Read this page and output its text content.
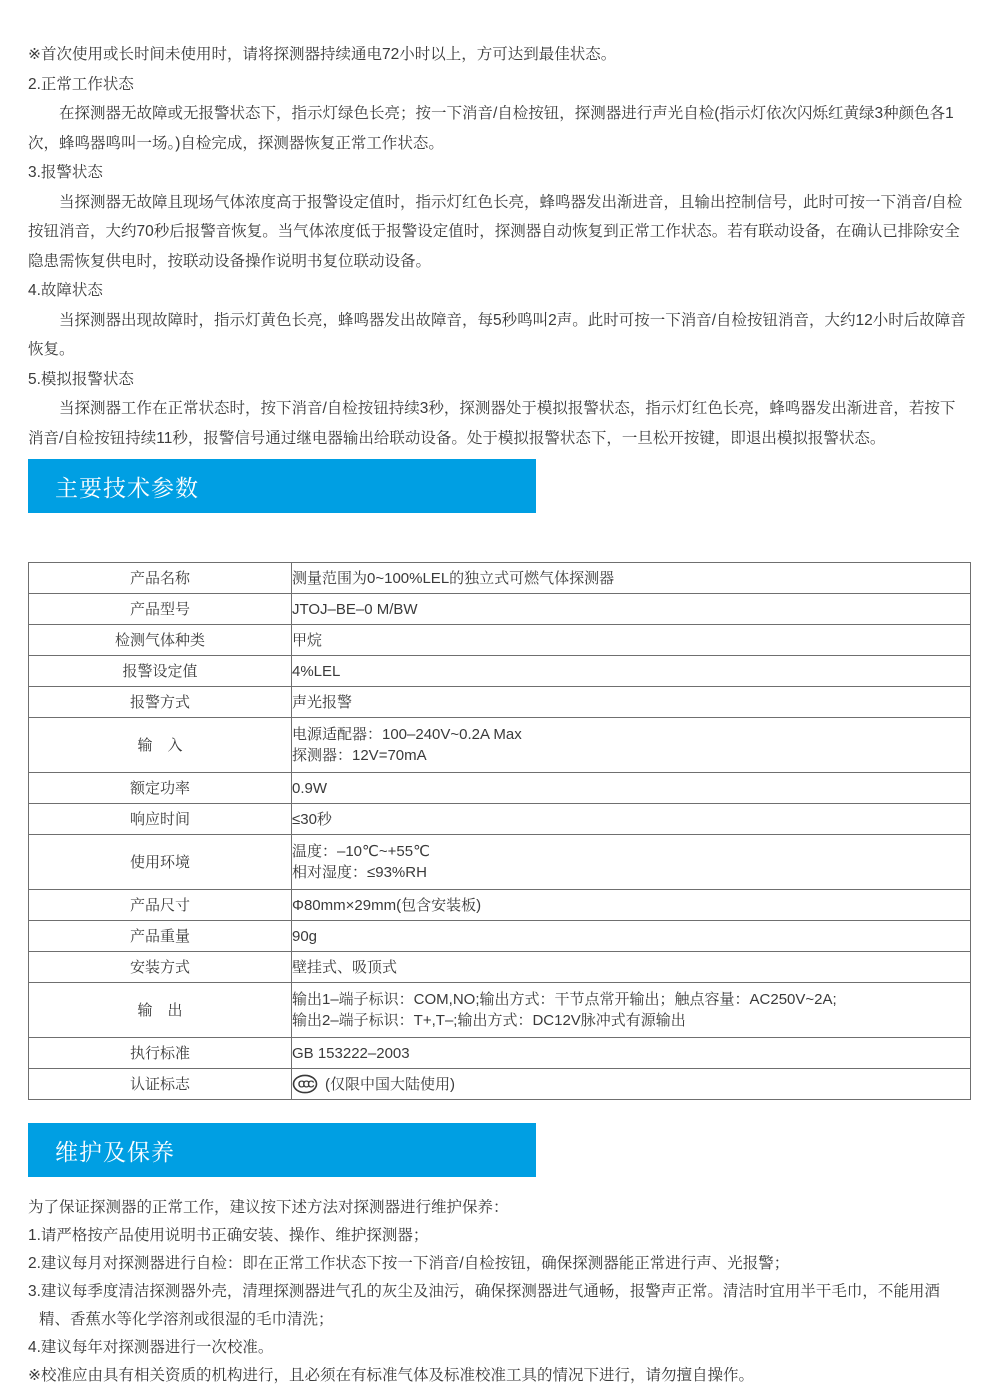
※首次使用或长时间未使用时，请将探测器持续通电72小时以上，方可达到最佳状态。

2.正常工作状态

在探测器无故障或无报警状态下，指示灯绿色长亮；按一下消音/自检按钮，探测器进行声光自检(指示灯依次闪烁红黄绿3种颜色各1次，蜂鸣器鸣叫一场。)自检完成，探测器恢复正常工作状态。

3.报警状态

当探测器无故障且现场气体浓度高于报警设定值时，指示灯红色长亮，蜂鸣器发出渐进音，且输出控制信号，此时可按一下消音/自检按钮消音，大约70秒后报警音恢复。当气体浓度低于报警设定值时，探测器自动恢复到正常工作状态。若有联动设备，在确认已排除安全隐患需恢复供电时，按联动设备操作说明书复位联动设备。

4.故障状态

当探测器出现故障时，指示灯黄色长亮，蜂鸣器发出故障音，每5秒鸣叫2声。此时可按一下消音/自检按钮消音，大约12小时后故障音恢复。

5.模拟报警状态

当探测器工作在正常状态时，按下消音/自检按钮持续3秒，探测器处于模拟报警状态，指示灯红色长亮，蜂鸣器发出渐进音，若按下消音/自检按钮持续11秒，报警信号通过继电器输出给联动设备。处于模拟报警状态下，一旦松开按键，即退出模拟报警状态。

主要技术参数
产品名称	测量范围为0~100%LEL的独立式可燃气体探测器

产品型号	JTOJ–BE–0 M/BW

检测气体种类	甲烷

报警设定值	4%LEL

报警方式	声光报警

输　入	电源适配器：100–240V~0.2A Max
探测器：12V=70mA

额定功率	0.9W

响应时间	≤30秒

使用环境	温度：–10℃~+55℃
相对湿度：≤93%RH

产品尺寸	Φ80mm×29mm(包含安装板)

产品重量	90g

安装方式	壁挂式、吸顶式

输　出	输出1–端子标识：COM,NO;输出方式：干节点常开输出；触点容量：AC250V~2A;
输出2–端子标识：T+,T–;输出方式：DC12V脉冲式有源输出

执行标准	GB 153222–2003

认证标志	CCC (仅限中国大陆使用)
维护及保养

为了保证探测器的正常工作，建议按下述方法对探测器进行维护保养：

1.请严格按产品使用说明书正确安装、操作、维护探测器；

2.建议每月对探测器进行自检：即在正常工作状态下按一下消音/自检按钮，确保探测器能正常进行声、光报警；

3.建议每季度清洁探测器外壳，清理探测器进气孔的灰尘及油污，确保探测器进气通畅，报警声正常。清洁时宜用半干毛巾，不能用酒精、香蕉水等化学溶剂或很湿的毛巾清洗；

4.建议每年对探测器进行一次校准。

※校准应由具有相关资质的机构进行，且必须在有标准气体及标准校准工具的情况下进行，请勿擅自操作。
